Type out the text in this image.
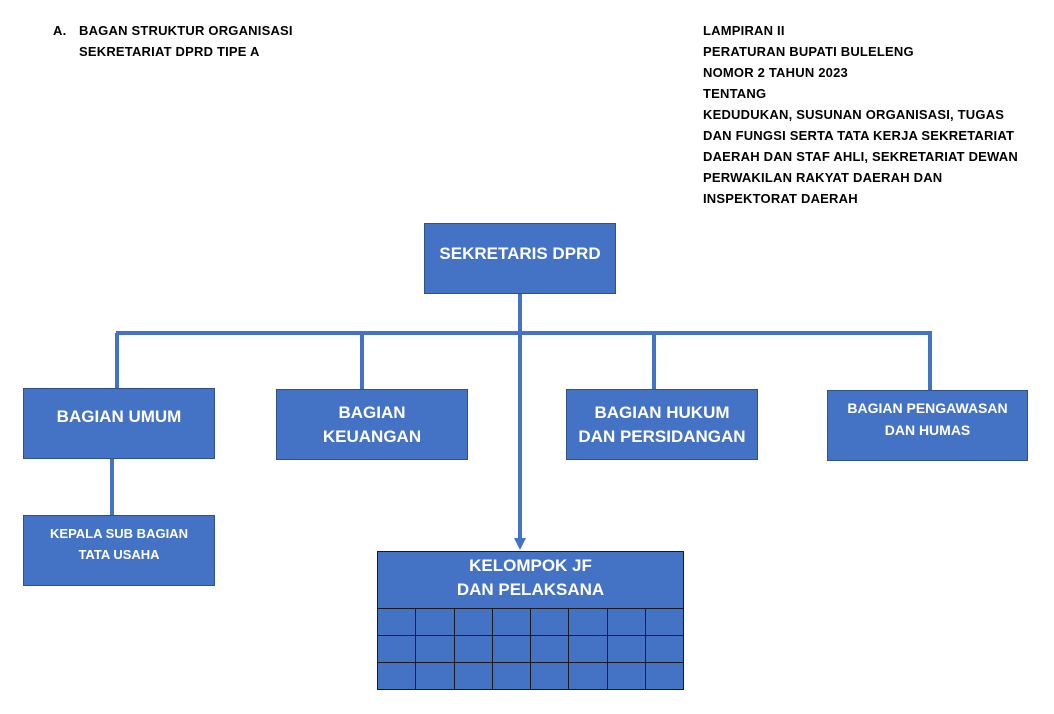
A. BAGAN STRUKTUR ORGANISASI
SEKRETARIAT DPRD TIPE A
LAMPIRAN II
PERATURAN BUPATI BULELENG
NOMOR 2 TAHUN 2023
TENTANG
KEDUDUKAN, SUSUNAN ORGANISASI, TUGAS
DAN FUNGSI SERTA TATA KERJA SEKRETARIAT
DAERAH DAN STAF AHLI, SEKRETARIAT DEWAN
PERWAKILAN RAKYAT DAERAH DAN
INSPEKTORAT DAERAH
SEKRETARIS DPRD
BAGIAN UMUM	BAGIAN
KEUANGAN
BAGIAN HUKUM
DAN PERSIDANGAN
BAGIAN PENGAWASAN
DAN HUMAS
KEPALA SUB BAGIAN
TATA USAHA
KELOMPOK JF
DAN PELAKSANA
